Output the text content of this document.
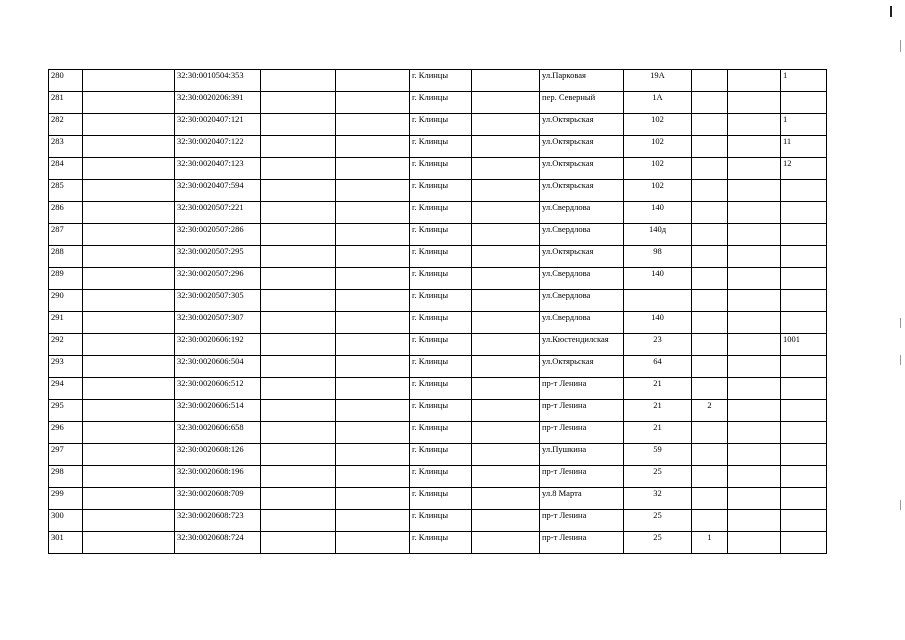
280		32:30:0010504:353			г. Клинцы		ул.Парковая	19А			1
281		32:30:0020206:391			г. Клинцы		пер. Северный	1А			
282		32:30:0020407:121			г. Клинцы		ул.Октярьская	102			1
283		32:30:0020407:122			г. Клинцы		ул.Октярьская	102			11
284		32:30:0020407:123			г. Клинцы		ул.Октярьская	102			12
285		32:30:0020407:594			г. Клинцы		ул.Октярьская	102			
286		32:30:0020507:221			г. Клинцы		ул.Свердлова	140			
287		32:30:0020507:286			г. Клинцы		ул.Свердлова	140д			
288		32:30:0020507:295			г. Клинцы		ул.Октярьская	98			
289		32:30:0020507:296			г. Клинцы		ул.Свердлова	140			
290		32:30:0020507:305			г. Клинцы		ул.Свердлова				
291		32:30:0020507:307			г. Клинцы		ул.Свердлова	140			
292		32:30:0020606:192			г. Клинцы		ул.Кюстендилская	23			1001
293		32:30:0020606:504			г. Клинцы		ул.Октярьская	64			
294		32:30:0020606:512			г. Клинцы		пр-т Ленина	21			
295		32:30:0020606:514			г. Клинцы		пр-т Ленина	21	2		
296		32:30:0020606:658			г. Клинцы		пр-т Ленина	21			
297		32:30:0020608:126			г. Клинцы		ул.Пушкина	59			
298		32:30:0020608:196			г. Клинцы		пр-т Ленина	25			
299		32:30:0020608:709			г. Клинцы		ул.8 Марта	32			
300		32:30:0020608:723			г. Клинцы		пр-т Ленина	25			
301		32:30:0020608:724			г. Клинцы		пр-т Ленина	25	1		
